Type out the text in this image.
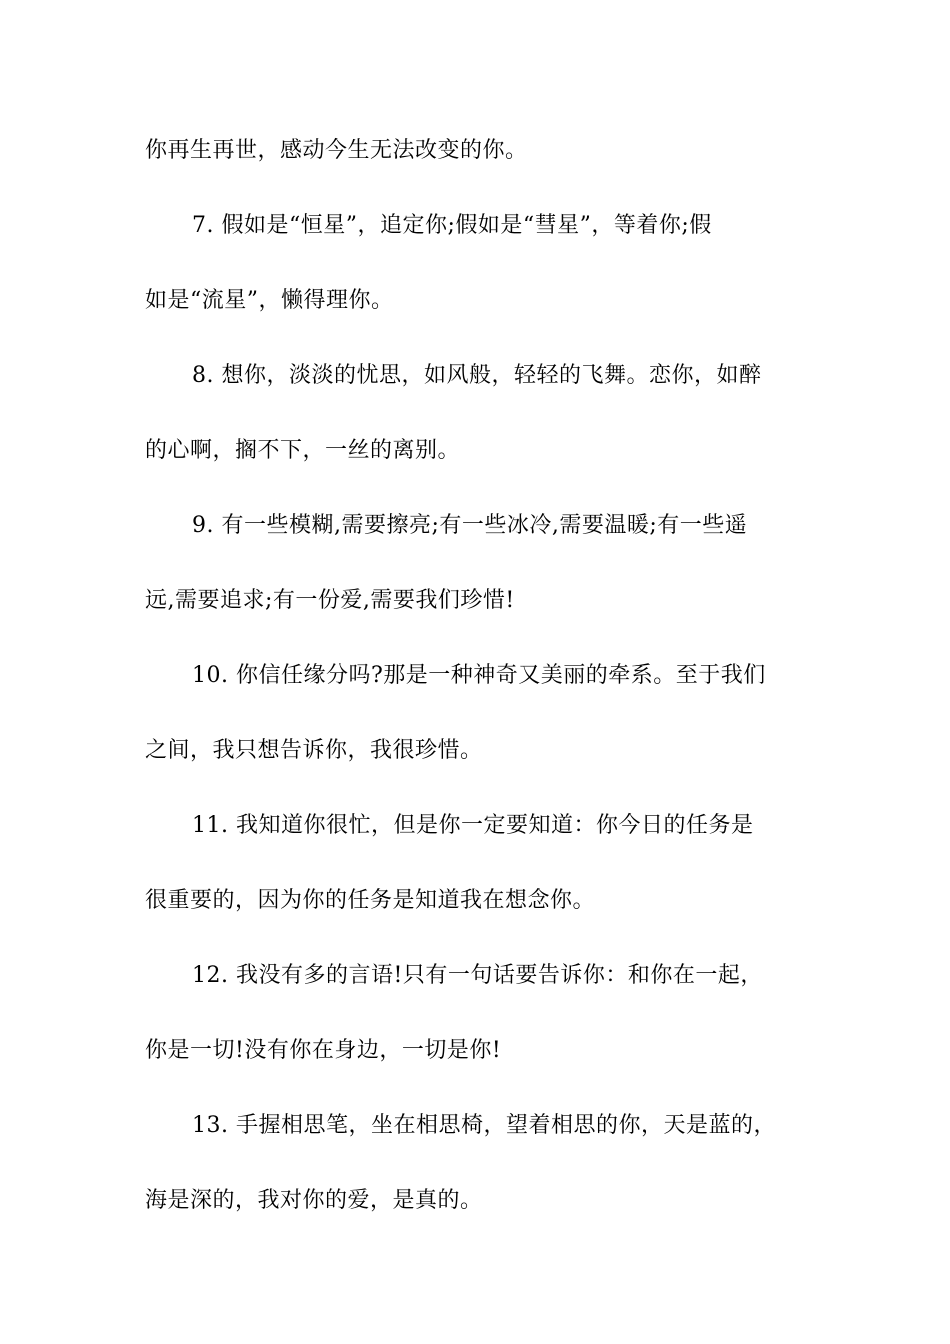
你再生再世，感动今生无法改变的你。
7. 假如是“恒星”，追定你;假如是“彗星”，等着你;假
如是“流星”，懒得理你。
8. 想你，淡淡的忧思，如风般，轻轻的飞舞。恋你，如醉
的心啊，搁不下，一丝的离别。
9. 有一些模糊,需要擦亮;有一些冰冷,需要温暖;有一些遥
远,需要追求;有一份爱,需要我们珍惜!
10. 你信任缘分吗?那是一种神奇又美丽的牵系。至于我们
之间，我只想告诉你，我很珍惜。
11. 我知道你很忙，但是你一定要知道：你今日的任务是
很重要的，因为你的任务是知道我在想念你。
12. 我没有多的言语!只有一句话要告诉你：和你在一起，
你是一切!没有你在身边，一切是你!
13. 手握相思笔，坐在相思椅，望着相思的你，天是蓝的，
海是深的，我对你的爱，是真的。
